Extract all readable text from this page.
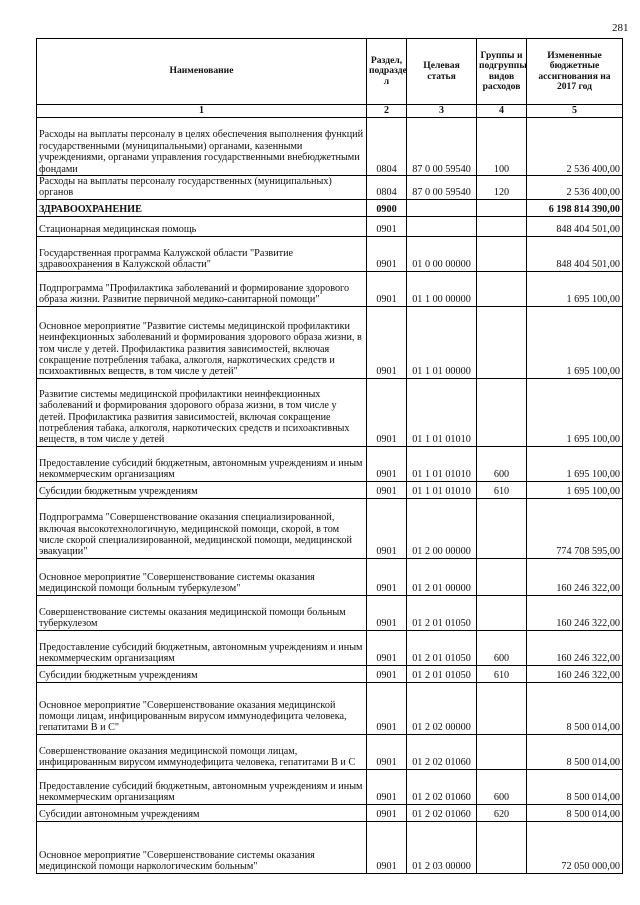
281
Наименование	Раздел, подразде л	Целевая статья	Группы и подгруппы видов расходов	Измененные бюджетные ассигнования на 2017 год
1	2	3	4	5
Расходы на выплаты персоналу в целях обеспечения выполнения функций государственными (муниципальными) органами, казенными учреждениями, органами управления государственными внебюджетными фондами	0804	87 0 00 59540	100	2 536 400,00
Расходы на выплаты персоналу государственных (муниципальных) органов	0804	87 0 00 59540	120	2 536 400,00
ЗДРАВООХРАНЕНИЕ	0900			6 198 814 390,00
Стационарная медицинская помощь	0901			848 404 501,00
Государственная программа Калужской области "Развитие здравоохранения в Калужской области"	0901	01 0 00 00000		848 404 501,00
Подпрограмма "Профилактика заболеваний и формирование здорового образа жизни. Развитие первичной медико-санитарной помощи"	0901	01 1 00 00000		1 695 100,00
Основное мероприятие "Развитие системы медицинской профилактики неинфекционных заболеваний и формирования здорового образа жизни, в том числе у детей. Профилактика развития зависимостей, включая сокращение потребления табака, алкоголя, наркотических средств и психоактивных веществ, в том числе у детей"	0901	01 1 01 00000		1 695 100,00
Развитие системы медицинской профилактики неинфекционных заболеваний и формирования здорового образа жизни, в том числе у детей. Профилактика развития зависимостей, включая сокращение потребления табака, алкоголя, наркотических средств и психоактивных веществ, в том числе у детей	0901	01 1 01 01010		1 695 100,00
Предоставление субсидий бюджетным, автономным учреждениям и иным некоммерческим организациям	0901	01 1 01 01010	600	1 695 100,00
Субсидии бюджетным учреждениям	0901	01 1 01 01010	610	1 695 100,00
Подпрограмма "Совершенствование оказания специализированной, включая высокотехнологичную, медицинской помощи, скорой, в том числе скорой специализированной, медицинской помощи, медицинской эвакуации"	0901	01 2 00 00000		774 708 595,00
Основное мероприятие "Совершенствование системы оказания медицинской помощи больным туберкулезом"	0901	01 2 01 00000		160 246 322,00
Совершенствование системы оказания медицинской помощи больным туберкулезом	0901	01 2 01 01050		160 246 322,00
Предоставление субсидий бюджетным, автономным учреждениям и иным некоммерческим организациям	0901	01 2 01 01050	600	160 246 322,00
Субсидии бюджетным учреждениям	0901	01 2 01 01050	610	160 246 322,00
Основное мероприятие "Совершенствование оказания медицинской помощи лицам, инфицированным вирусом иммунодефицита человека, гепатитами В и С"	0901	01 2 02 00000		8 500 014,00
Совершенствование оказания медицинской помощи лицам, инфицированным вирусом иммунодефицита человека, гепатитами В и С	0901	01 2 02 01060		8 500 014,00
Предоставление субсидий бюджетным, автономным учреждениям и иным некоммерческим организациям	0901	01 2 02 01060	600	8 500 014,00
Субсидии автономным учреждениям	0901	01 2 02 01060	620	8 500 014,00
Основное мероприятие "Совершенствование системы оказания медицинской помощи наркологическим больным"	0901	01 2 03 00000		72 050 000,00
